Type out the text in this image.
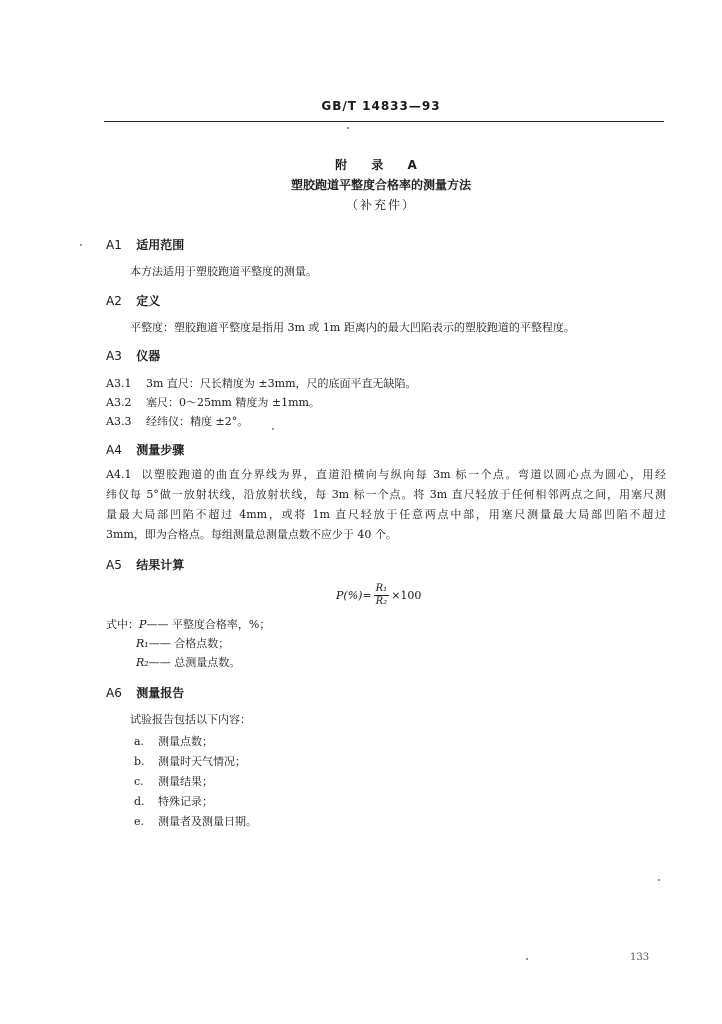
GB/T 14833—93
附 录 A
塑胶跑道平整度合格率的测量方法
（补充件）
A1 适用范围
本方法适用于塑胶跑道平整度的测量。
A2 定义
平整度：塑胶跑道平整度是指用 3m 或 1m 距离内的最大凹陷表示的塑胶跑道的平整程度。
A3 仪器
A3.1 3m 直尺：尺长精度为 ±3mm，尺的底面平直无缺陷。
A3.2 塞尺：0～25mm 精度为 ±1mm。
A3.3 经纬仪：精度 ±2°。
A4 测量步骤
A4.1 以塑胶跑道的曲直分界线为界，直道沿横向与纵向每 3m 标一个点。弯道以圆心点为圆心，用经
纬仪每 5°做一放射状线，沿放射状线，每 3m 标一个点。将 3m 直尺轻放于任何相邻两点之间，用塞尺测
量最大局部凹陷不超过 4mm，或将 1m 直尺轻放于任意两点中部，用塞尺测量最大局部凹陷不超过
3mm，即为合格点。每组测量总测量点数不应少于 40 个。
A5 结果计算
$P(\%)= \frac{\text{R₁}}{\text{R₂}} \times 100$
式中：P—— 平整度合格率，%；
R₁—— 合格点数；
R₂—— 总测量点数。
A6 测量报告
试验报告包括以下内容：
a. 测量点数；
b. 测量时天气情况；
c. 测量结果；
d. 特殊记录；
e. 测量者及测量日期。
133
